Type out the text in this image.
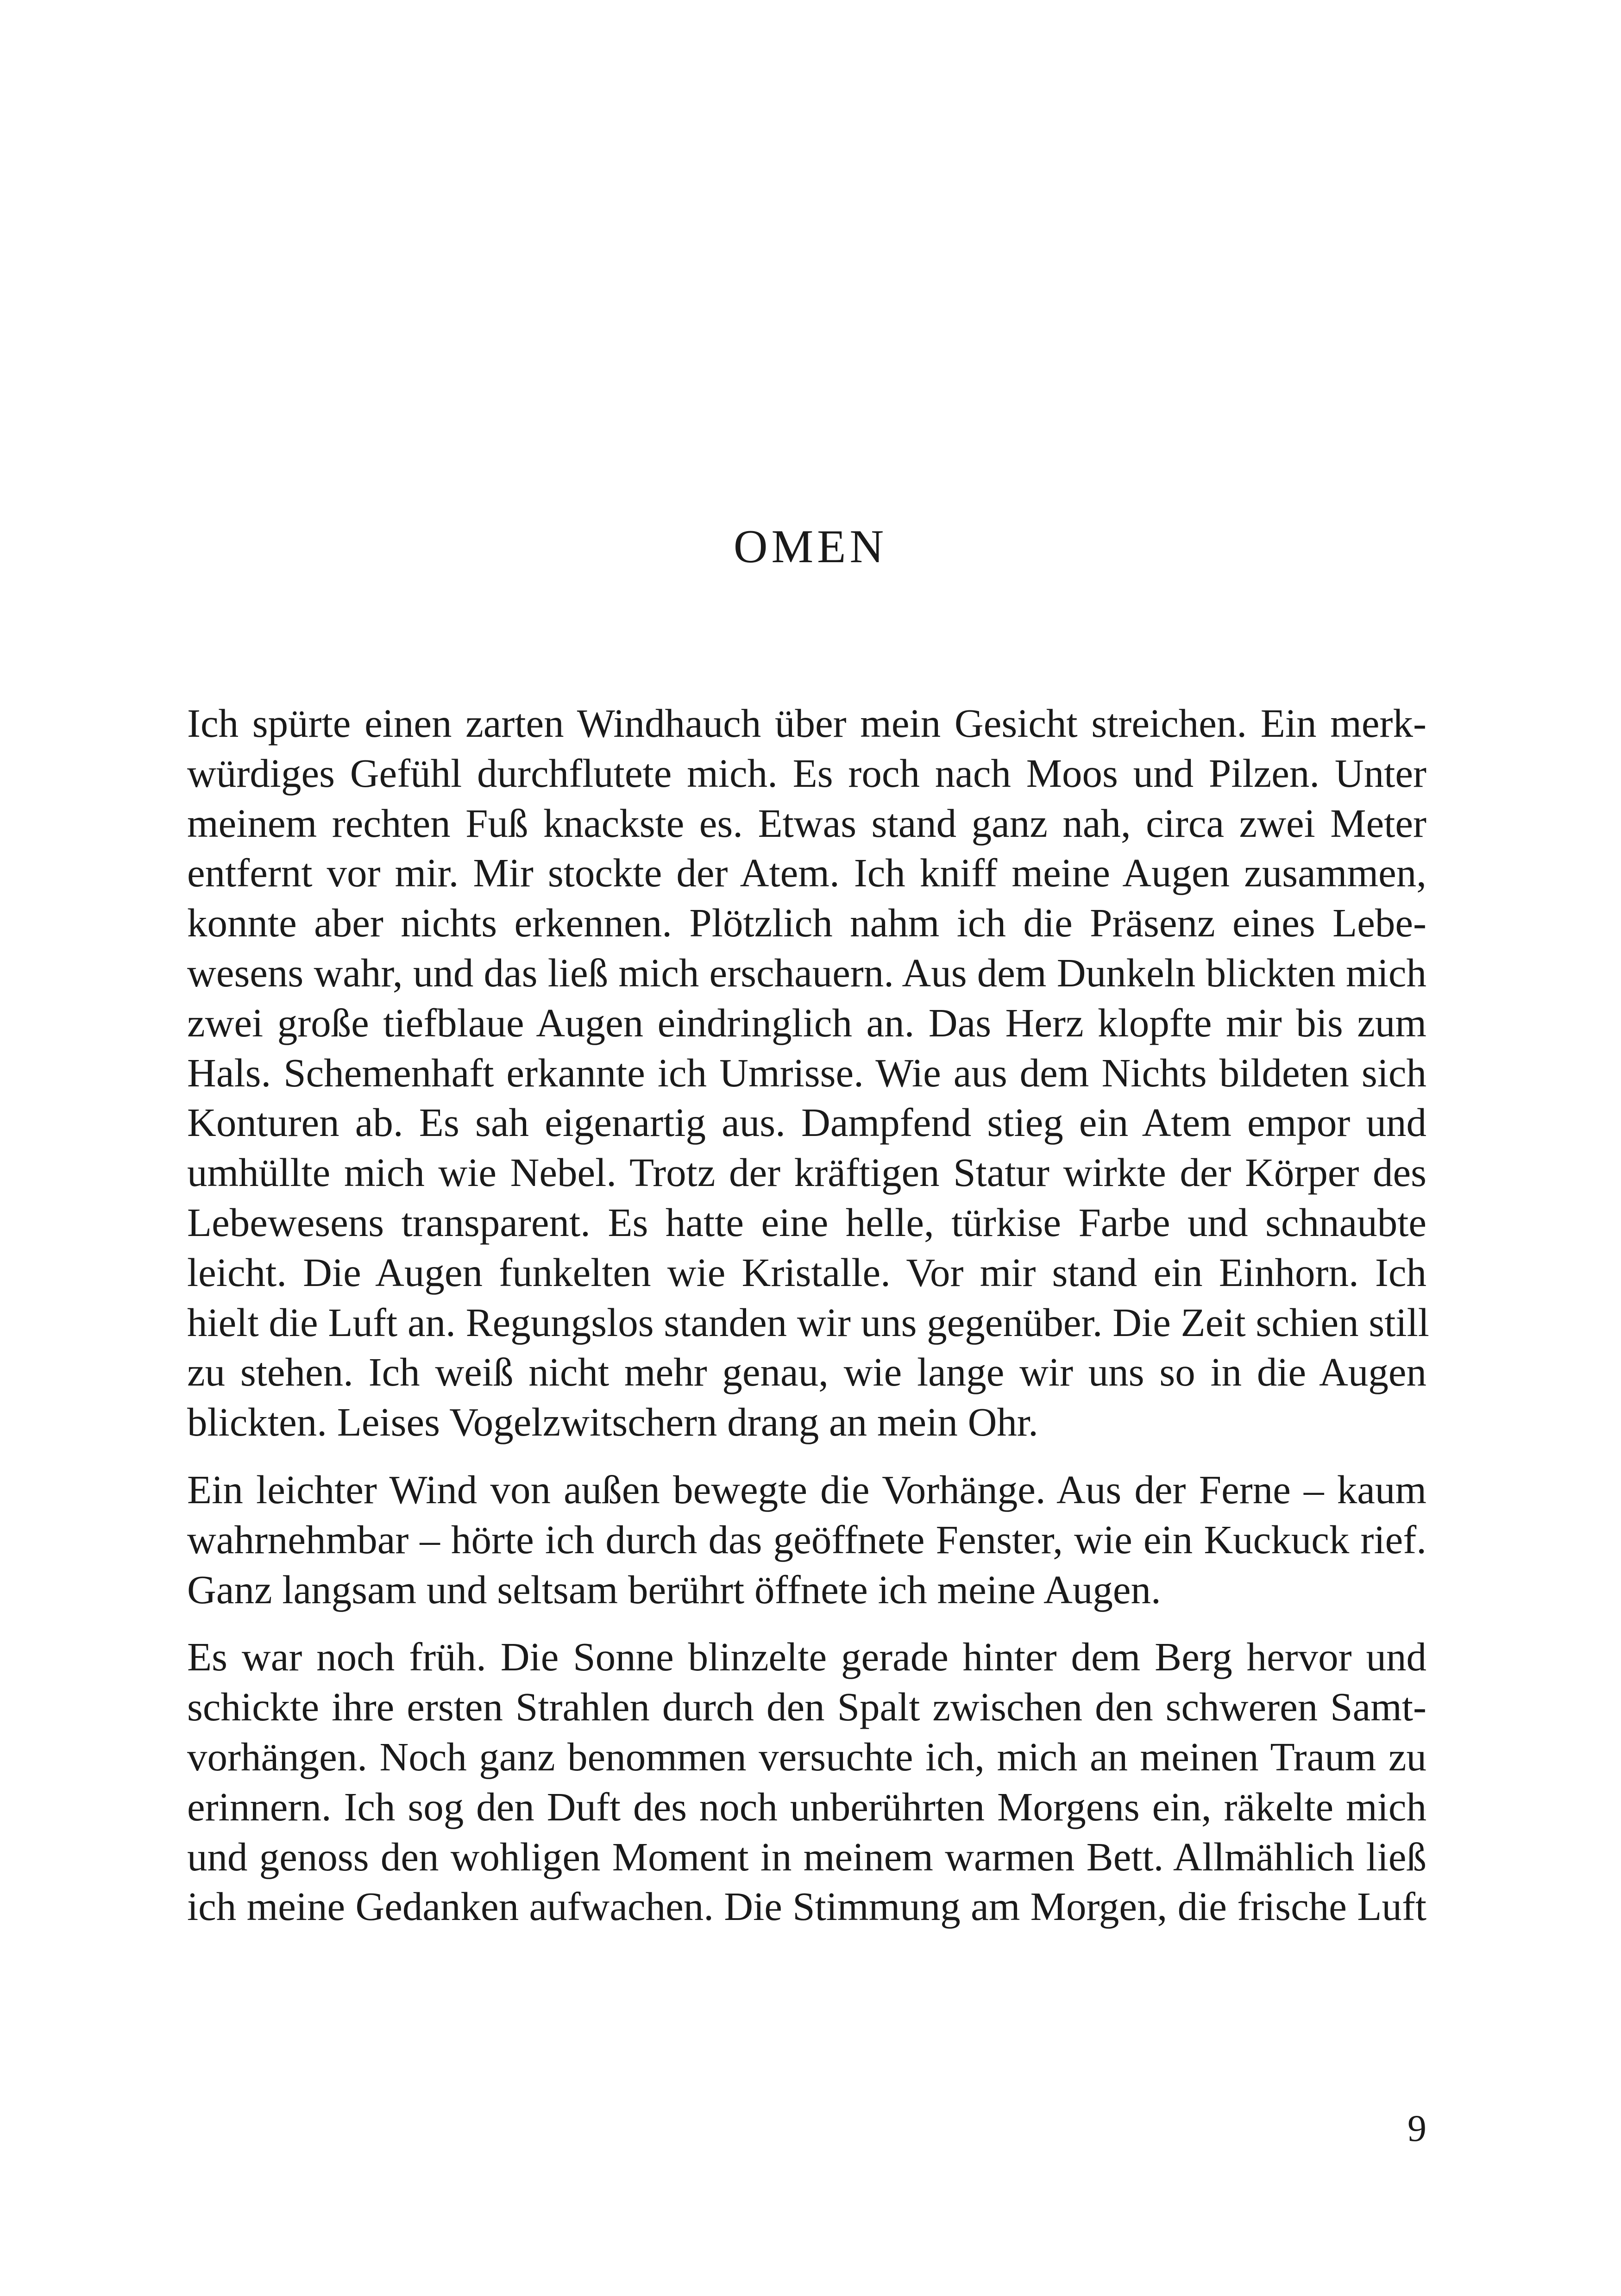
OMEN

Ich spürte einen zarten Windhauch über mein Gesicht streichen. Ein merk-
würdiges Gefühl durchflutete mich. Es roch nach Moos und Pilzen. Unter
meinem rechten Fuß knackste es. Etwas stand ganz nah, circa zwei Meter
entfernt vor mir. Mir stockte der Atem. Ich kniff meine Augen zusammen,
konnte aber nichts erkennen. Plötzlich nahm ich die Präsenz eines Lebe-
wesens wahr, und das ließ mich erschauern. Aus dem Dunkeln blickten mich
zwei große tiefblaue Augen eindringlich an. Das Herz klopfte mir bis zum
Hals. Schemenhaft erkannte ich Umrisse. Wie aus dem Nichts bildeten sich
Konturen ab. Es sah eigenartig aus. Dampfend stieg ein Atem empor und
umhüllte mich wie Nebel. Trotz der kräftigen Statur wirkte der Körper des
Lebewesens transparent. Es hatte eine helle, türkise Farbe und schnaubte
leicht. Die Augen funkelten wie Kristalle. Vor mir stand ein Einhorn. Ich
hielt die Luft an. Regungslos standen wir uns gegenüber. Die Zeit schien still
zu stehen. Ich weiß nicht mehr genau, wie lange wir uns so in die Augen
blickten. Leises Vogelzwitschern drang an mein Ohr.

Ein leichter Wind von außen bewegte die Vorhänge. Aus der Ferne – kaum
wahrnehmbar – hörte ich durch das geöffnete Fenster, wie ein Kuckuck rief.
Ganz langsam und seltsam berührt öffnete ich meine Augen.

Es war noch früh. Die Sonne blinzelte gerade hinter dem Berg hervor und
schickte ihre ersten Strahlen durch den Spalt zwischen den schweren Samt-
vorhängen. Noch ganz benommen versuchte ich, mich an meinen Traum zu
erinnern. Ich sog den Duft des noch unberührten Morgens ein, räkelte mich
und genoss den wohligen Moment in meinem warmen Bett. Allmählich ließ
ich meine Gedanken aufwachen. Die Stimmung am Morgen, die frische Luft

9
